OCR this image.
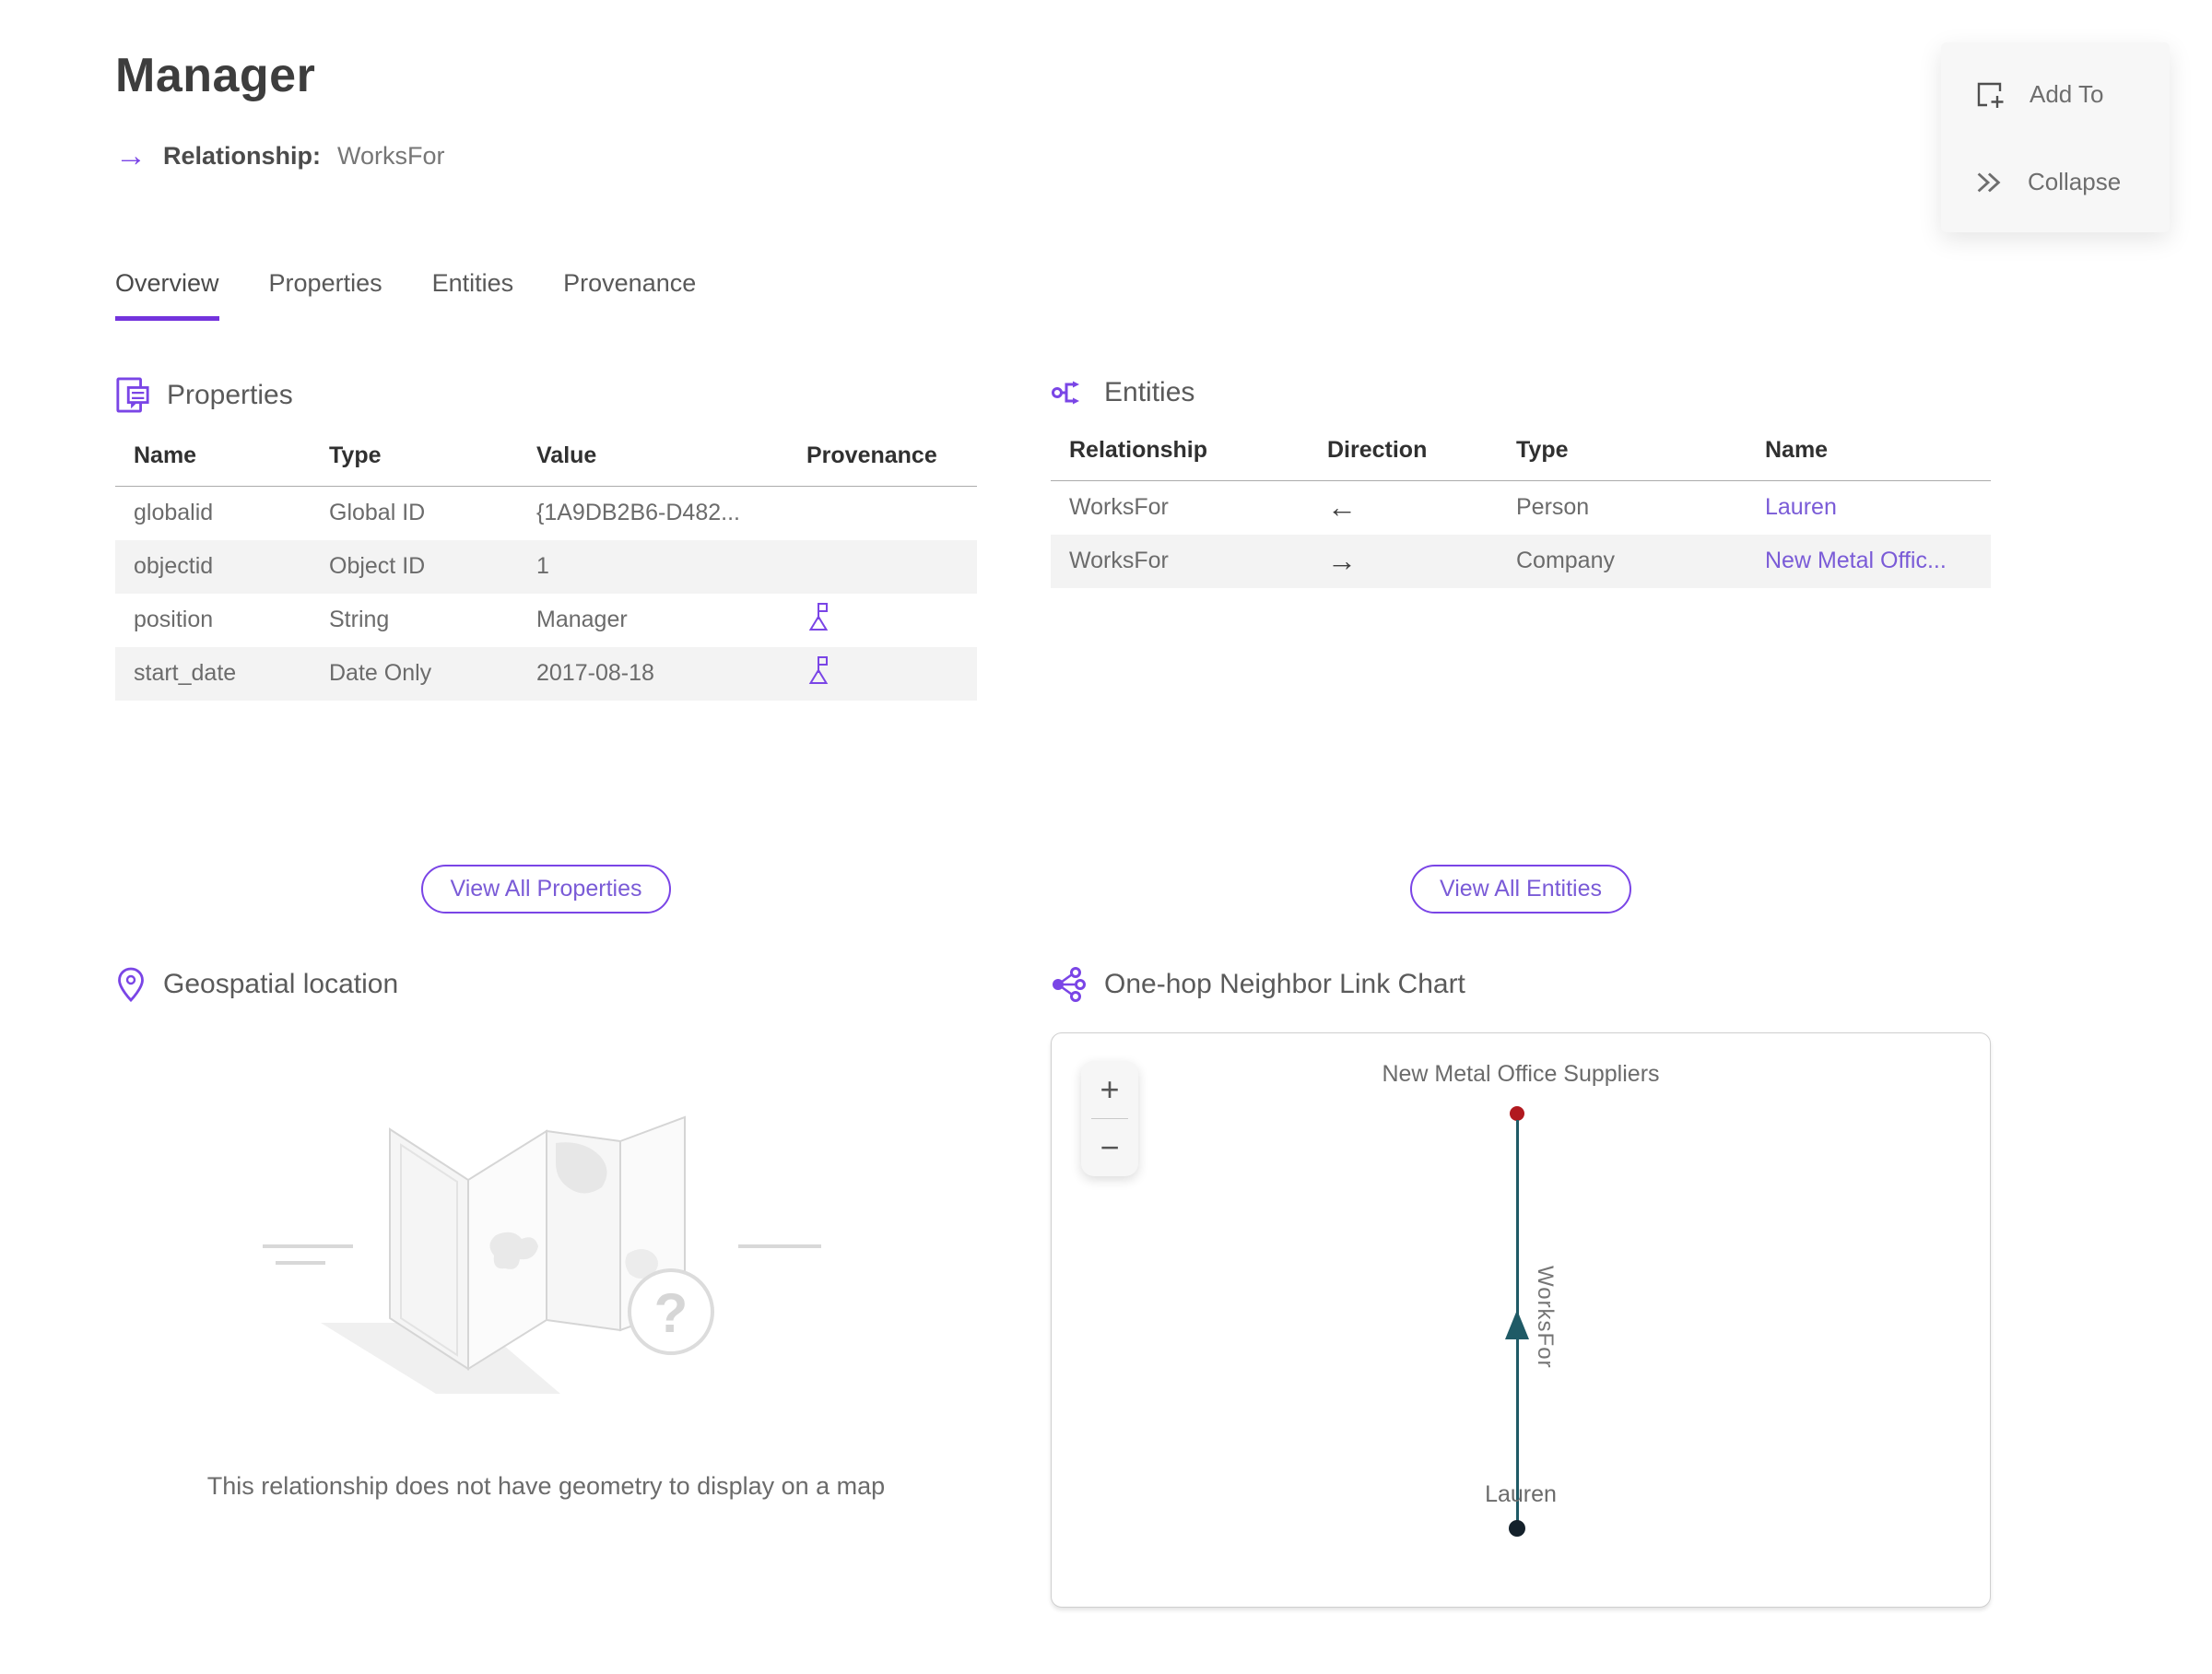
Manager
→ Relationship: WorksFor
Add To
Collapse
Overview Properties Entities Provenance
Properties
Name	Type	Value	Provenance
globalid	Global ID	{1A9DB2B6-D482...	
objectid	Object ID	1	
position	String	Manager	
start_date	Date Only	2017-08-18	
Entities
Relationship	Direction	Type	Name
WorksFor	←	Person	Lauren
WorksFor	→	Company	New Metal Offic...
View All Properties	View All Entities
Geospatial location
?
This relationship does not have geometry to display on a map
One-hop Neighbor Link Chart
+
−
New Metal Office Suppliers
WorksFor
Lauren
